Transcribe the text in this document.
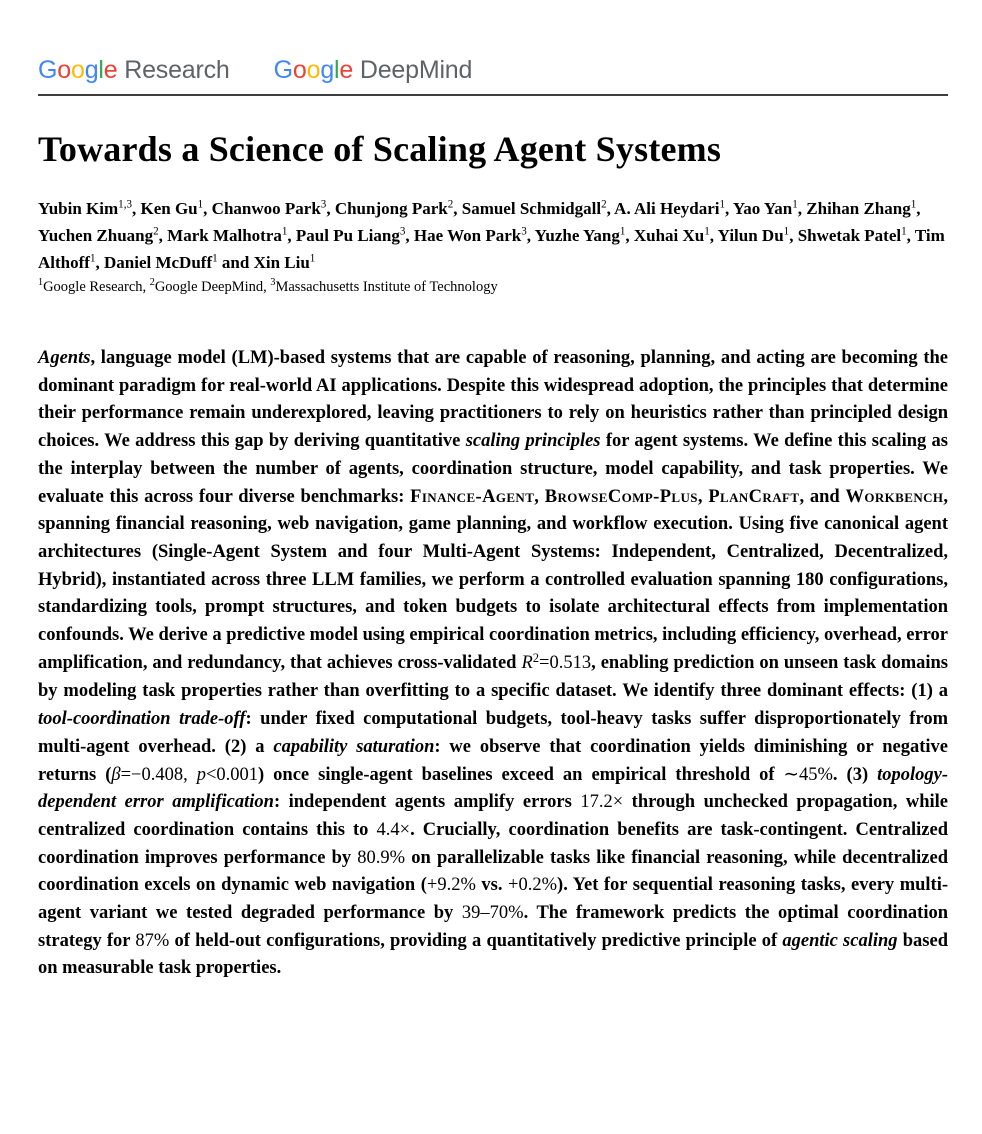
Google Research Google DeepMind
Towards a Science of Scaling Agent Systems
Yubin Kim$^{1,3}$, Ken Gu$^1$, Chanwoo Park$^3$, Chunjong Park$^2$, Samuel Schmidgall$^2$, A. Ali Heydari$^1$, Yao Yan$^1$, Zhihan Zhang$^1$, Yuchen Zhuang$^2$, Mark Malhotra$^1$, Paul Pu Liang$^3$, Hae Won Park$^3$, Yuzhe Yang$^1$, Xuhai Xu$^1$, Yilun Du$^1$, Shwetak Patel$^1$, Tim Althoff$^1$, Daniel McDuff$^1$ and Xin Liu$^1$
$^1$Google Research, $^2$Google DeepMind, $^3$Massachusetts Institute of Technology

Agents, language model (LM)-based systems that are capable of reasoning, planning, and acting are becoming the dominant paradigm for real-world AI applications. Despite this widespread adoption, the principles that determine their performance remain underexplored, leaving practitioners to rely on heuristics rather than principled design choices. We address this gap by deriving quantitative scaling principles for agent systems. We define this scaling as the interplay between the number of agents, coordination structure, model capability, and task properties. We evaluate this across four diverse benchmarks: Finance-Agent, BrowseComp-Plus, PlanCraft, and Workbench, spanning financial reasoning, web navigation, game planning, and workflow execution. Using five canonical agent architectures (Single-Agent System and four Multi-Agent Systems: Independent, Centralized, Decentralized, Hybrid), instantiated across three LLM families, we perform a controlled evaluation spanning 180 configurations, standardizing tools, prompt structures, and token budgets to isolate architectural effects from implementation confounds. We derive a predictive model using empirical coordination metrics, including efficiency, overhead, error amplification, and redundancy, that achieves cross-validated $R^2=0.513$, enabling prediction on unseen task domains by modeling task properties rather than overfitting to a specific dataset. We identify three dominant effects: (1) a tool-coordination trade-off: under fixed computational budgets, tool-heavy tasks suffer disproportionately from multi-agent overhead. (2) a capability saturation: we observe that coordination yields diminishing or negative returns (β=−0.408, p<0.001) once single-agent baselines exceed an empirical threshold of ∼45%. (3) topology-dependent error amplification: independent agents amplify errors 17.2× through unchecked propagation, while centralized coordination contains this to 4.4×. Crucially, coordination benefits are task-contingent. Centralized coordination improves performance by 80.9% on parallelizable tasks like financial reasoning, while decentralized coordination excels on dynamic web navigation (+9.2% vs. +0.2%). Yet for sequential reasoning tasks, every multi-agent variant we tested degraded performance by 39–70%. The framework predicts the optimal coordination strategy for 87% of held-out configurations, providing a quantitatively predictive principle of agentic scaling based on measurable task properties.
